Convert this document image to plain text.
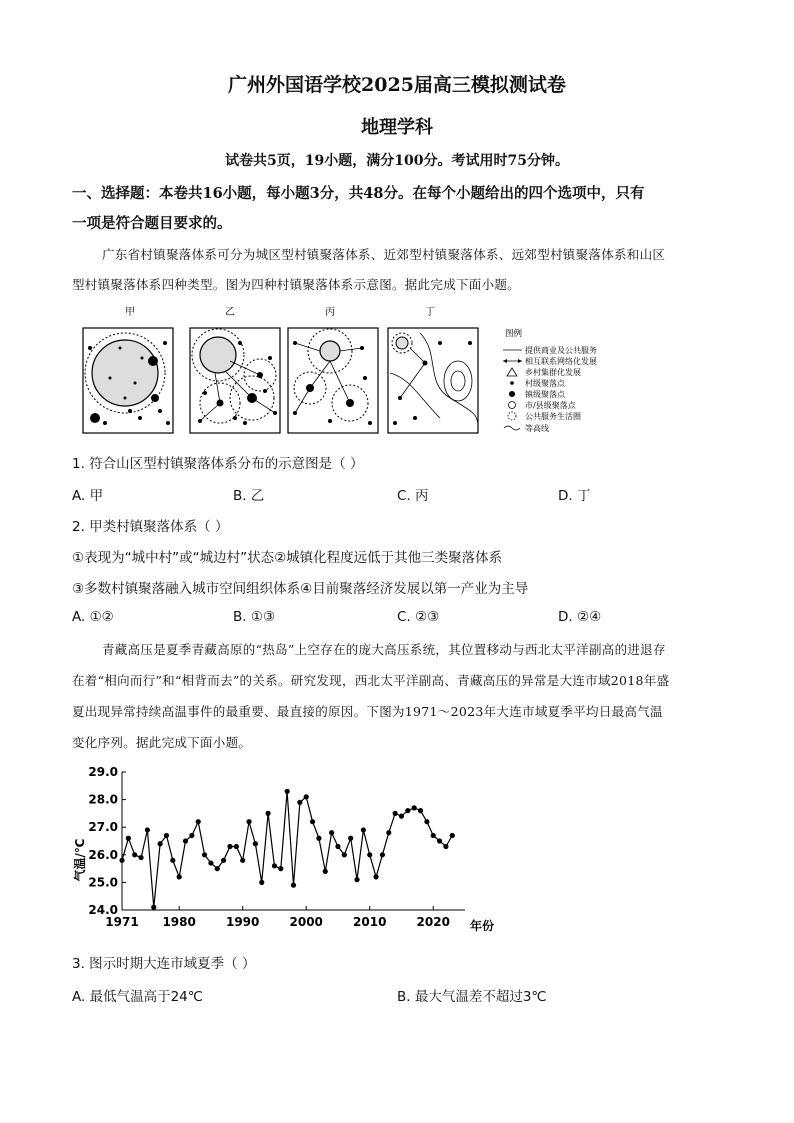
广州外国语学校2025届高三模拟测试卷
地理学科
试卷共5页，19小题，满分100分。考试用时75分钟。
一、选择题：本卷共16小题，每小题3分，共48分。在每个小题给出的四个选项中，只有
一项是符合题目要求的。
广东省村镇聚落体系可分为城区型村镇聚落体系、近郊型村镇聚落体系、远郊型村镇聚落体系和山区
型村镇聚落体系四种类型。图为四种村镇聚落体系示意图。据此完成下面小题。
甲	乙	丙	丁
图例
提供商业及公共服务
相互联系网络化发展
乡村集群化发展
村级聚落点
镇级聚落点
市/县级聚落点
公共服务生活圈
等高线
1. 符合山区型村镇聚落体系分布的示意图是（ ）
A. 甲	B. 乙	C. 丙	D. 丁
2. 甲类村镇聚落体系（ ）
①表现为“城中村”或“城边村”状态②城镇化程度远低于其他三类聚落体系
③多数村镇聚落融入城市空间组织体系④目前聚落经济发展以第一产业为主导
A. ①②	B. ①③	C. ②③	D. ②④
青藏高压是夏季青藏高原的“热岛”上空存在的庞大高压系统，其位置移动与西北太平洋副高的进退存
在着“相向而行”和“相背而去”的关系。研究发现，西北太平洋副高、青藏高压的异常是大连市域2018年盛
夏出现异常持续高温事件的最重要、最直接的原因。下图为1971～2023年大连市域夏季平均日最高气温
变化序列。据此完成下面小题。
24.0
25.0
26.0
27.0
28.0
29.0
1971 1980	1990	2000	2010	2020
气温/℃
年份
3. 图示时期大连市域夏季（ ）
A. 最低气温高于24℃	B. 最大气温差不超过3℃
